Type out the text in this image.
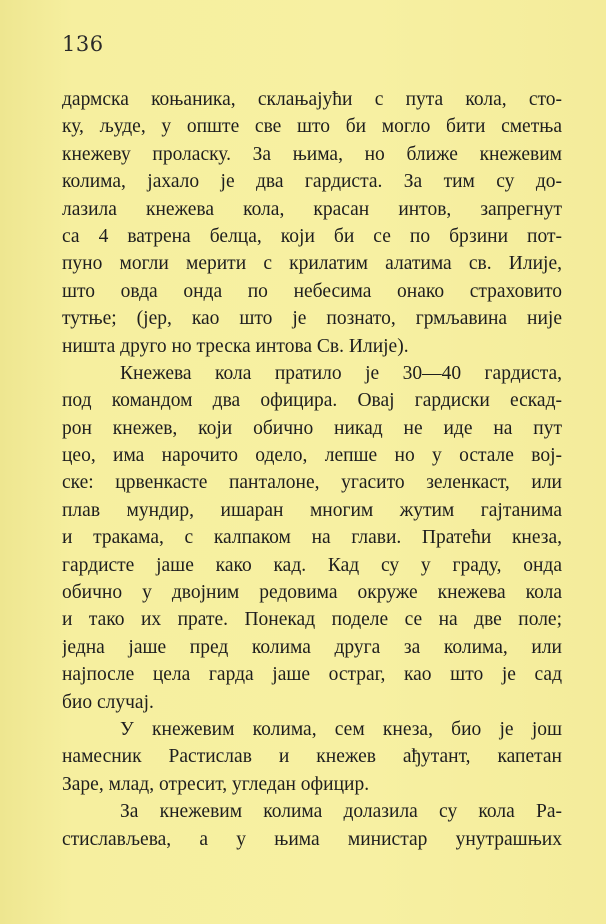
136
дармска коњаника, склањајући с пута кола, сто-
ку, људе, у опште све што би могло бити сметња
кнежеву проласку. За њима, но ближе кнежевим
колима, јахало је два гардиста. За тим су до-
лазила кнежева кола, красан интов, запрегнут
са 4 ватрена белца, који би се по брзини пот-
пуно могли мерити с крилатим алатима св. Илије,
што овда онда по небесима онако страховито
тутње; (јер, као што је познато, грмљавина није
ништа друго но треска интова Св. Илије).
Кнежева кола пратило је 30—40 гардиста,
под командом два официра. Овај гардиски ескад-
рон кнежев, који обично никад не иде на пут
цео, има нарочито одело, лепше но у остале вој-
ске: црвенкасте панталоне, угасито зеленкаст, или
плав мундир, ишаран многим жутим гајтанима
и тракама, с калпаком на глави. Пратећи кнеза,
гардисте јаше како кад. Кад су у граду, онда
обично у двојним редовима окруже кнежева кола
и тако их прате. Понекад поделе се на две поле;
једна јаше пред колима друга за колима, или
најпосле цела гарда јаше остраг, као што је сад
био случај.
У кнежевим колима, сем кнеза, био је још
намесник Растислав и кнежев ађутант, капетан
Заре, млад, отресит, угледан официр.
За кнежевим колима долазила су кола Ра-
стислављева, а у њима министар унутрашњих
